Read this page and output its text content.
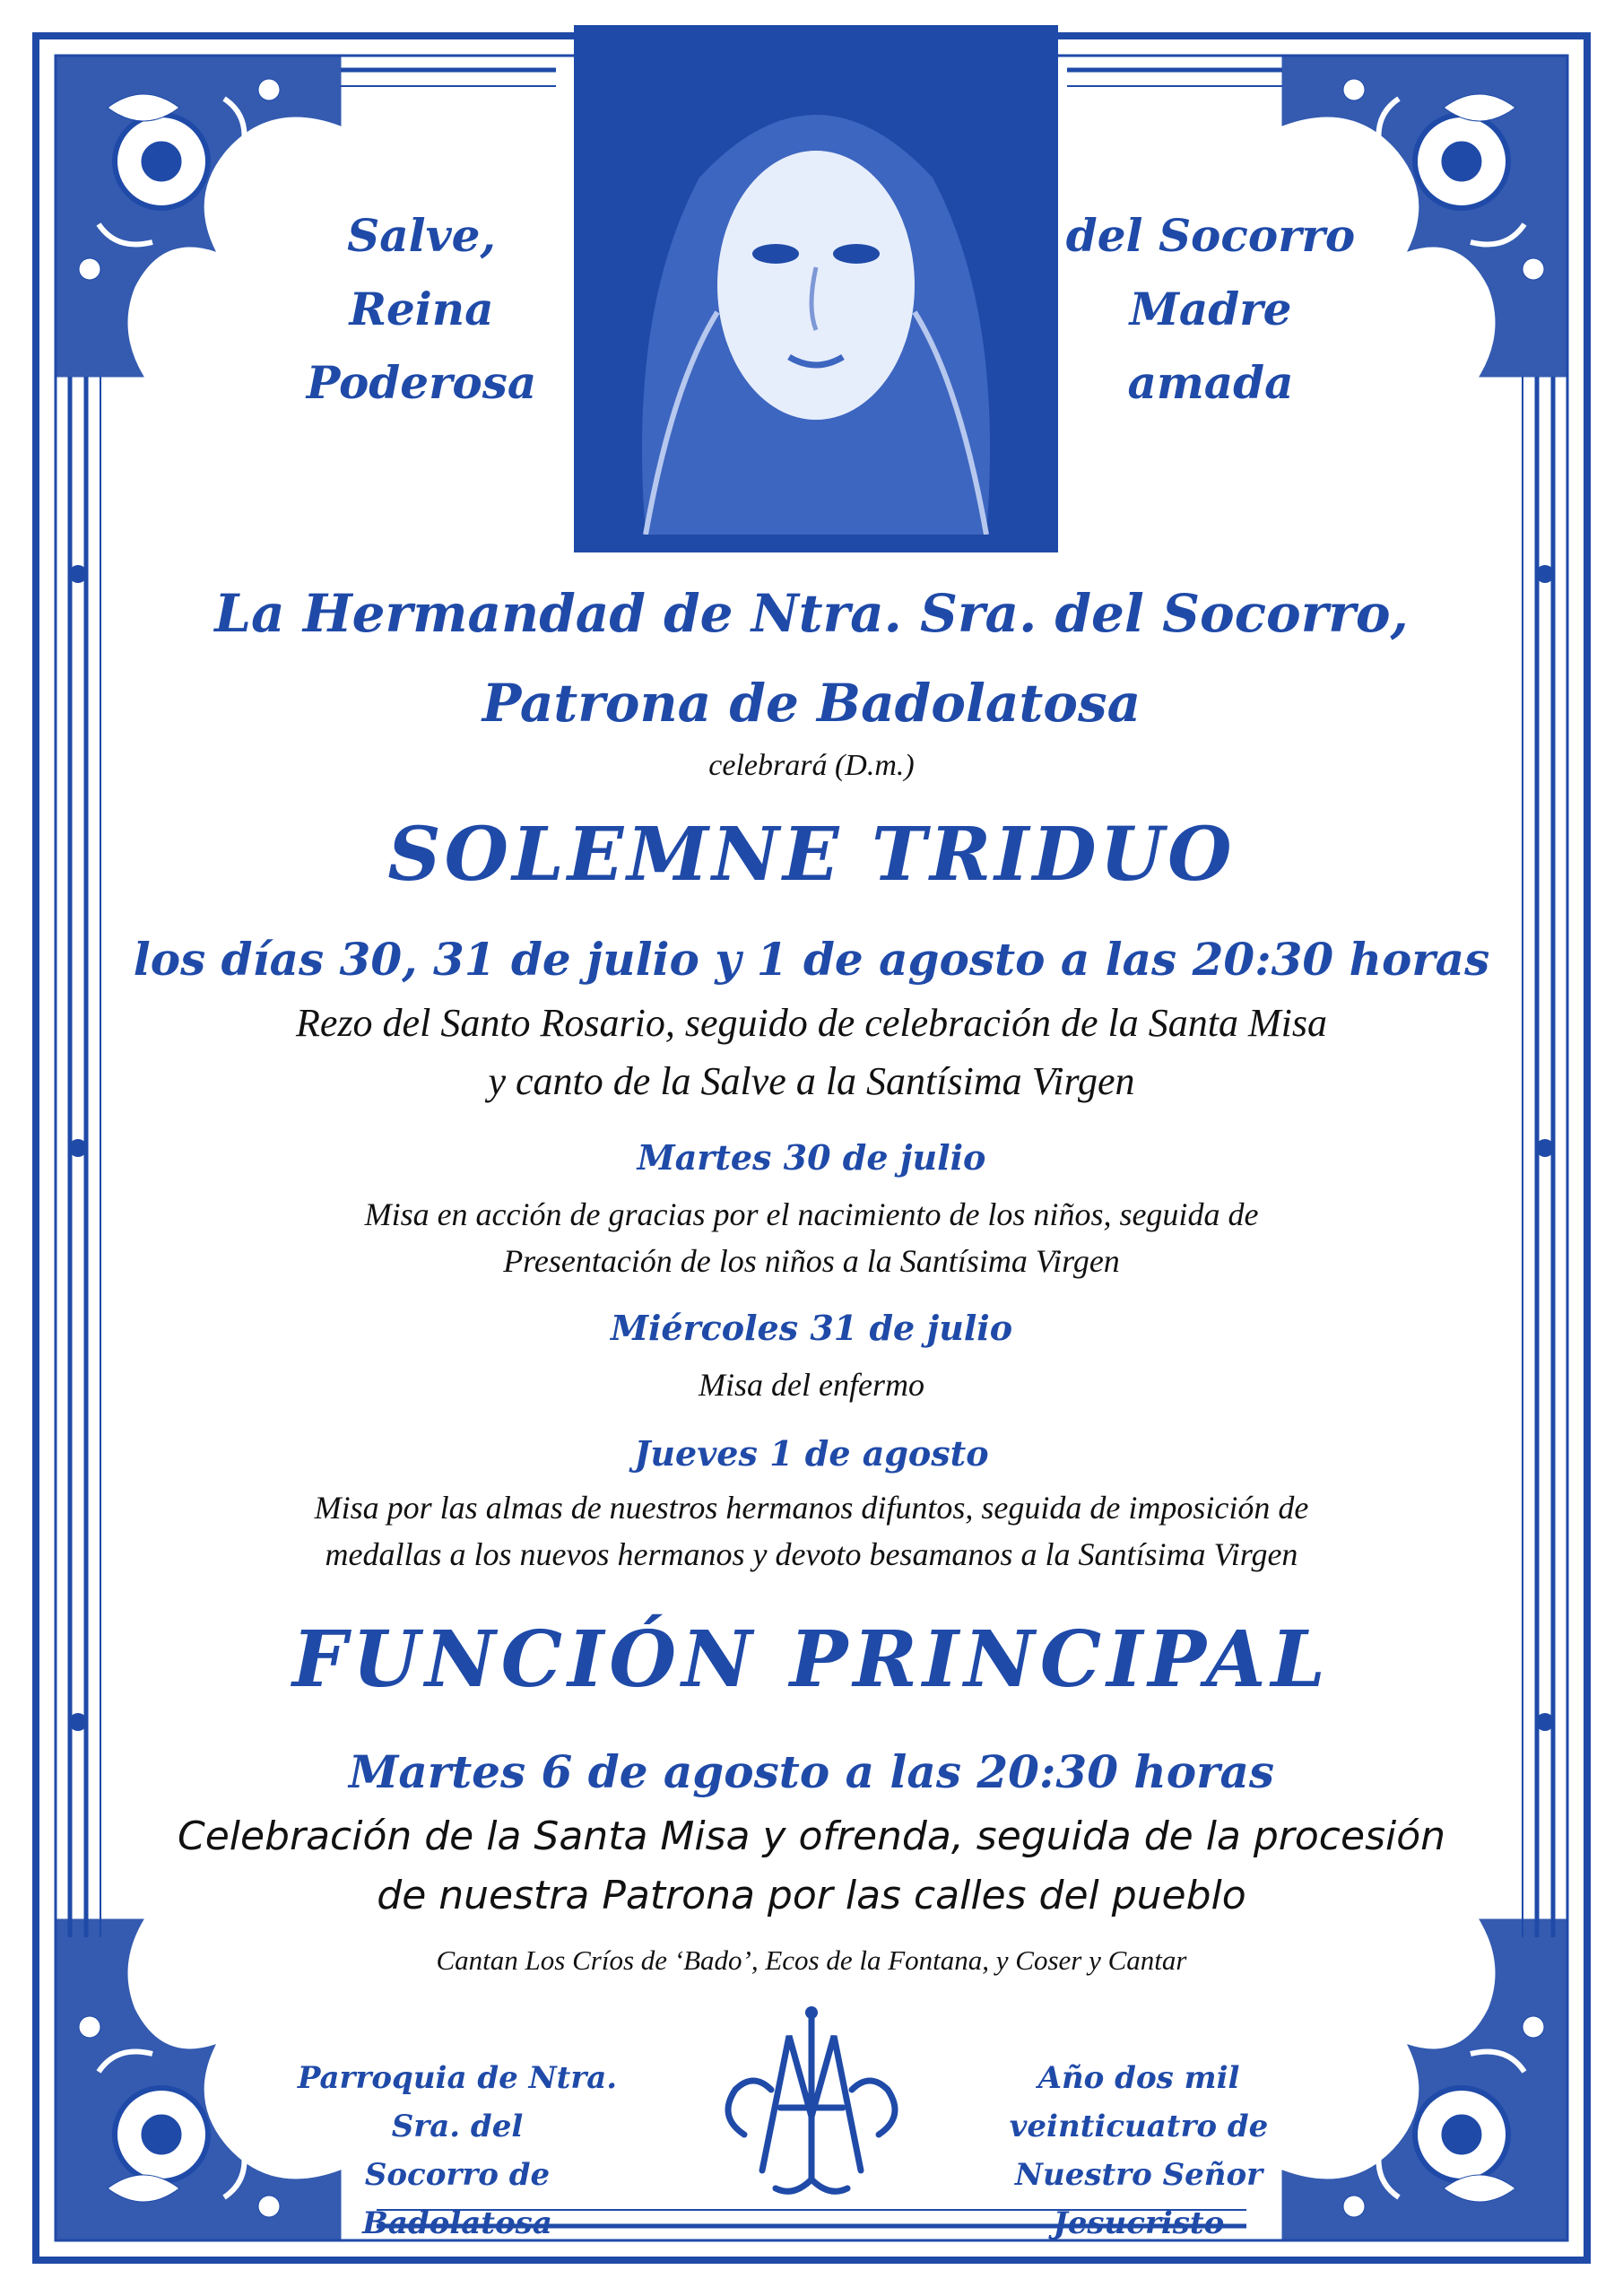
Salve,
Reina
Poderosa
del Socorro
Madre
amada
La Hermandad de Ntra. Sra. del Socorro,
Patrona de Badolatosa
celebrará (D.m.)
SOLEMNE TRIDUO
los días 30, 31 de julio y 1 de agosto a las 20:30 horas
Rezo del Santo Rosario, seguido de celebración de la Santa Misa
y canto de la Salve a la Santísima Virgen
Martes 30 de julio
Misa en acción de gracias por el nacimiento de los niños, seguida de
Presentación de los niños a la Santísima Virgen
Miércoles 31 de julio
Misa del enfermo
Jueves 1 de agosto
Misa por las almas de nuestros hermanos difuntos, seguida de imposición de
medallas a los nuevos hermanos y devoto besamanos a la Santísima Virgen
FUNCIÓN PRINCIPAL
Martes 6 de agosto a las 20:30 horas
Celebración de la Santa Misa y ofrenda, seguida de la procesión
de nuestra Patrona por las calles del pueblo
Cantan Los Críos de ‘Bado’, Ecos de la Fontana, y Coser y Cantar
Parroquia de Ntra. Sra. del
Socorro de Badolatosa
Año dos mil veinticuatro de
Nuestro Señor Jesucristo
